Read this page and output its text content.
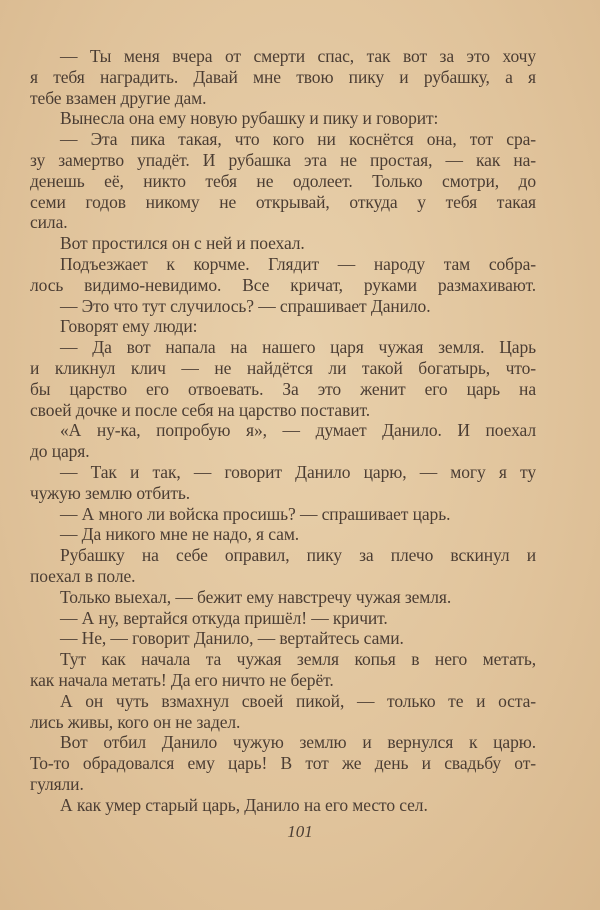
— Ты меня вчера от смерти спас, так вот за это хочу
я тебя наградить. Давай мне твою пику и рубашку, а я
тебе взамен другие дам.
Вынесла она ему новую рубашку и пику и говорит:
— Эта пика такая, что кого ни коснётся она, тот сра-
зу замертво упадёт. И рубашка эта не простая, — как на-
денешь её, никто тебя не одолеет. Только смотри, до
семи годов никому не открывай, откуда у тебя такая
сила.
Вот простился он с ней и поехал.
Подъезжает к корчме. Глядит — народу там собра-
лось видимо-невидимо. Все кричат, руками размахивают.
— Это что тут случилось? — спрашивает Данило.
Говорят ему люди:
— Да вот напала на нашего царя чужая земля. Царь
и кликнул клич — не найдётся ли такой богатырь, что-
бы царство его отвоевать. За это женит его царь на
своей дочке и после себя на царство поставит.
«А ну-ка, попробую я», — думает Данило. И поехал
до царя.
— Так и так, — говорит Данило царю, — могу я ту
чужую землю отбить.
— А много ли войска просишь? — спрашивает царь.
— Да никого мне не надо, я сам.
Рубашку на себе оправил, пику за плечо вскинул и
поехал в поле.
Только выехал, — бежит ему навстречу чужая земля.
— А ну, вертайся откуда пришёл! — кричит.
— Не, — говорит Данило, — вертайтесь сами.
Тут как начала та чужая земля копья в него метать,
как начала метать! Да его ничто не берёт.
А он чуть взмахнул своей пикой, — только те и оста-
лись живы, кого он не задел.
Вот отбил Данило чужую землю и вернулся к царю.
То-то обрадовался ему царь! В тот же день и свадьбу от-
гуляли.
А как умер старый царь, Данило на его место сел.
101
